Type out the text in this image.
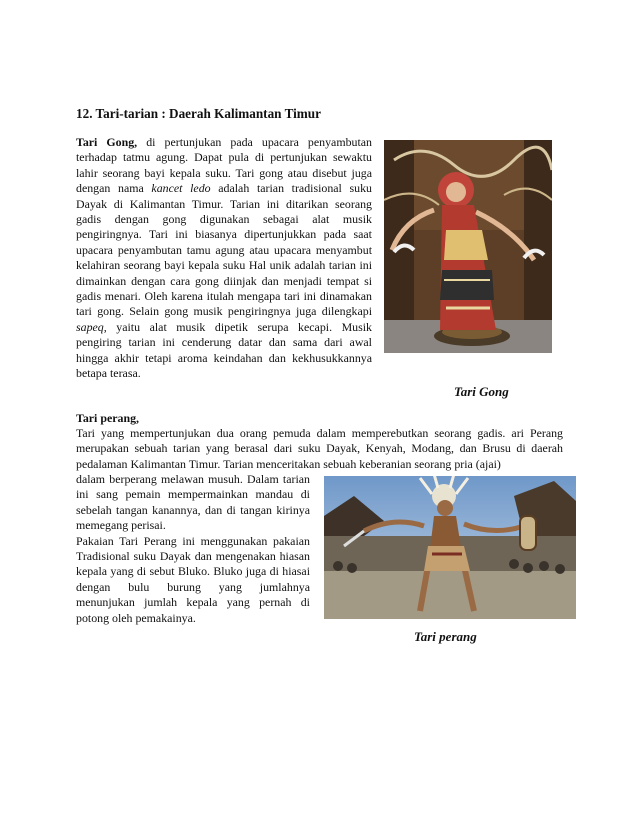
12. Tari-tarian : Daerah Kalimantan Timur
Tari Gong, di pertunjukan pada upacara penyambutan terhadap tatmu agung. Dapat pula di pertunjukan sewaktu lahir seorang bayi kepala suku. Tari gong atau disebut juga dengan nama kancet ledo adalah tarian tradisional suku Dayak di Kalimantan Timur. Tarian ini ditarikan seorang gadis dengan gong digunakan sebagai alat musik pengiringnya. Tari ini biasanya dipertunjukkan pada saat upacara penyambutan tamu agung atau upacara menyambut kelahiran seorang bayi kepala suku Hal unik adalah tarian ini dimainkan dengan cara gong diinjak dan menjadi tempat si gadis menari. Oleh karena itulah mengapa tari ini dinamakan tari gong. Selain gong musik pengiringnya juga dilengkapi sapeq, yaitu alat musik dipetik serupa kecapi. Musik pengiring tarian ini cenderung datar dan sama dari awal hingga akhir tetapi aroma keindahan dan kekhusukkannya betapa terasa.
Tari Gong
Tari perang,
Tari yang mempertunjukan dua orang pemuda dalam memperebutkan seorang gadis. ari Perang merupakan sebuah tarian yang berasal dari suku Dayak, Kenyah, Modang, dan Brusu di daerah pedalaman Kalimantan Timur. Tarian menceritakan sebuah keberanian seorang pria (ajai)
dalam berperang melawan musuh. Dalam tarian ini sang pemain mempermainkan mandau di sebelah tangan kanannya, dan di tangan kirinya memegang perisai.
Pakaian Tari Perang ini menggunakan pakaian Tradisional suku Dayak dan mengenakan hiasan kepala yang di sebut Bluko. Bluko juga di hiasai dengan bulu burung yang jumlahnya menunjukan jumlah kepala yang pernah di potong oleh pemakainya.
Tari perang
